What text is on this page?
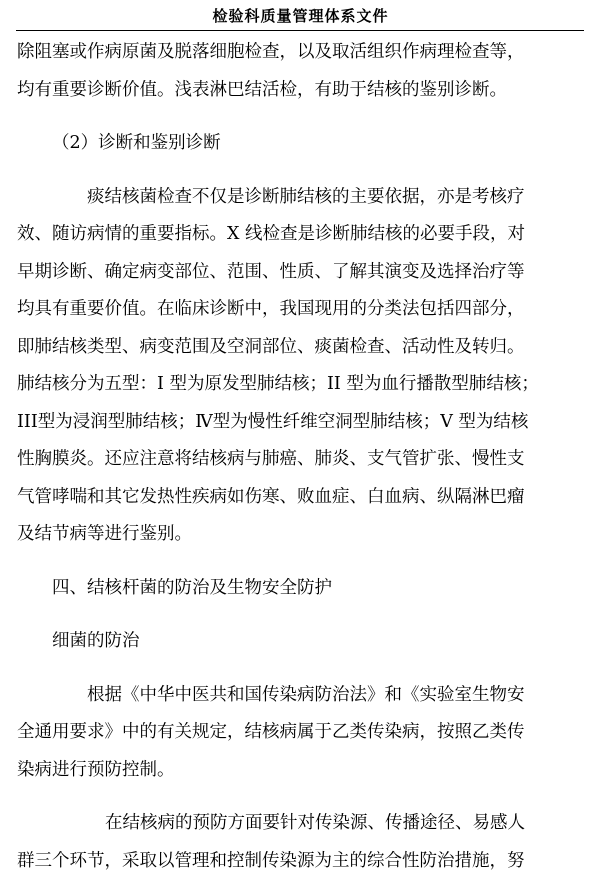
检验科质量管理体系文件
除阻塞或作病原菌及脱落细胞检查，以及取活组织作病理检查等，
均有重要诊断价值。浅表淋巴结活检，有助于结核的鉴别诊断。
（2）诊断和鉴别诊断
痰结核菌检查不仅是诊断肺结核的主要依据，亦是考核疗
效、随访病情的重要指标。X 线检查是诊断肺结核的必要手段，对
早期诊断、确定病变部位、范围、性质、了解其演变及选择治疗等
均具有重要价值。在临床诊断中，我国现用的分类法包括四部分，
即肺结核类型、病变范围及空洞部位、痰菌检查、活动性及转归。
肺结核分为五型：I 型为原发型肺结核；II 型为血行播散型肺结核；
III型为浸润型肺结核；Ⅳ型为慢性纤维空洞型肺结核；V 型为结核
性胸膜炎。还应注意将结核病与肺癌、肺炎、支气管扩张、慢性支
气管哮喘和其它发热性疾病如伤寒、败血症、白血病、纵隔淋巴瘤
及结节病等进行鉴别。
四、结核杆菌的防治及生物安全防护
细菌的防治
根据《中华中医共和国传染病防治法》和《实验室生物安
全通用要求》中的有关规定，结核病属于乙类传染病，按照乙类传
染病进行预防控制。
在结核病的预防方面要针对传染源、传播途径、易感人
群三个环节，采取以管理和控制传染源为主的综合性防治措施，努
